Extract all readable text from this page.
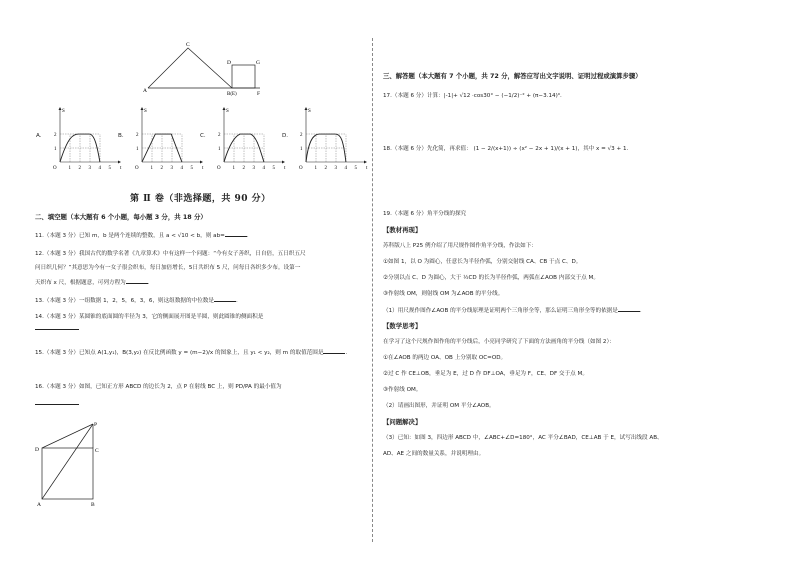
C
A
B(E)	F
G
D
A.
S
t
O
1
2
1 2 3 4 5
B.
S
t
O
1
2
1 2 3 4 5
C.
S
t
O
1
2
1 2 3 4 5
D.
S
t
O
1
2
1 2 3 4 5
第 Ⅱ 卷（非选择题，共 90 分）
二、填空题（本大题有 6 个小题，每小题 3 分，共 18 分）
11.（本题 3 分）已知 m，b 是两个连续的整数，且 a < √10 < b，则 ab=	.
12.（本题 3 分）我国古代的数学名著《九章算术》中有这样一个问题：“今有女子善织，日自倍，五日织五尺
问日织几何？”其意思为今有一女子很会织布，每日加倍增长，5日共织布 5 尺，问每日各织多少布。设第一
天织布 x 尺，根据题意，可列方程为	.
13.（本题 3 分）一组数据 1，2，5，6，3，6，则这组数据的中位数是	.
14.（本题 3 分）某圆锥的底面圆的半径为 3，它的侧面展开图是半圆，则此圆锥的侧面积是
15.（本题 3 分）已知点 A(1,y₁)，B(3,y₂) 在反比例函数 y = (m−2)/x 的图象上，且 y₁ < y₂，则 m 的取值范围是	.
16.（本题 3 分）如图，已知正方形 ABCD 的边长为 2，点 P 在射线 BC 上，则 PD/PA 的最小值为
D
P
C
A	B
三、解答题（本大题有 7 个小题，共 72 分，解答应写出文字说明、证明过程或演算步骤）
17.（本题 6 分）计算：|-1|+ √12 ·cos30° − (−1/2)⁻² + (π−3.14)⁰.
18.（本题 6 分）先化简，再求值： (1 − 2/(x+1)) ÷ (x² − 2x + 1)/(x + 1)，其中 x = √3 + 1.
19.（本题 6 分）角平分线的探究
【教材再现】
苏科版八上 P25 例介绍了用尺规作图作角平分线，作法如下：
①如图 1，以 O 为圆心，任意长为半径作弧，分别交射线 CA、CB 于点 C、D。
②分别以点 C、D 为圆心，大于 ½CD 的长为半径作弧，两弧在∠AOB 内部交于点 M。
③作射线 OM，则射线 OM 为∠AOB 的平分线。
（1）用尺规作图作∠AOB 的平分线原理是证明两个三角形全等，那么证明三角形全等的依据是	.
【数学思考】
在学习了这个尺规作图作角的平分线后，小亮同学研究了下面的方法画角的平分线（如图 2）：
①在∠AOB 的两边 OA、OB 上分别取 OC=OD。
②过 C 作 CE⊥OB，垂足为 E，过 D 作 DF⊥OA，垂足为 F，CE、DF 交于点 M。
③作射线 OM。
（2）请画出图形，并证明 OM 平分∠AOB。
【问题解决】
（3）已知：如图 3，四边形 ABCD 中，∠ABC+∠D=180°，AC 平分∠BAD，CE⊥AB 于 E，试写出线段 AB、
AD、AE 之间的数量关系，并说明理由。
